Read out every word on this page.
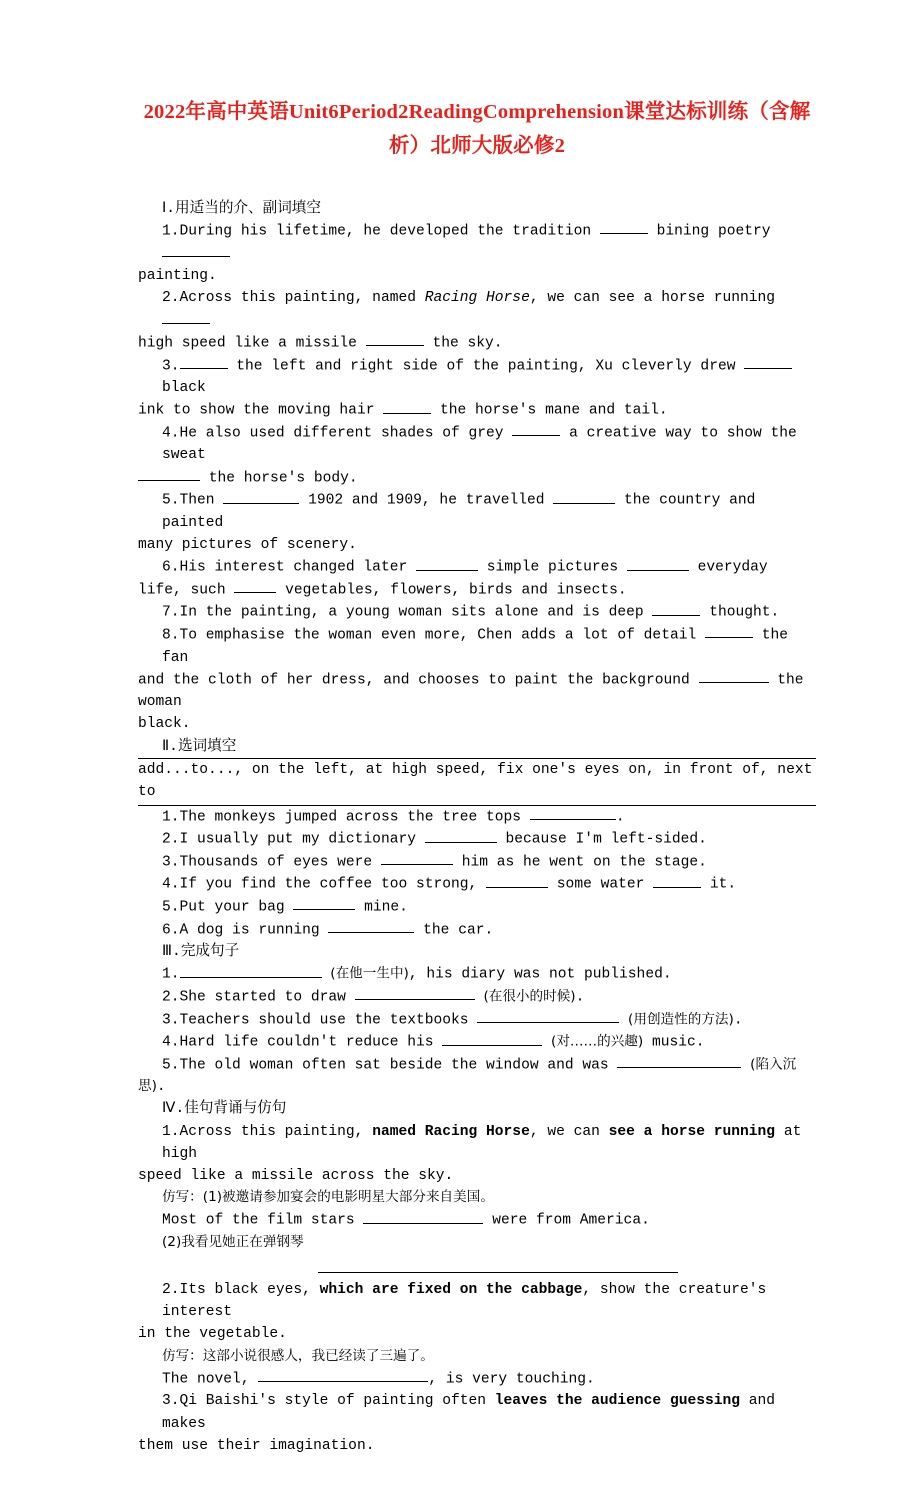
2022年高中英语Unit6Period2ReadingComprehension课堂达标训练（含解析）北师大版必修2
Ⅰ.用适当的介、副词填空
1.During his lifetime, he developed the tradition	bining poetry
painting.
2.Across this painting, named Racing Horse, we can see a horse running
high speed like a missile	the sky.
3.	the left and right side of the painting, Xu cleverly drew	black
ink to show the moving hair	the horse's mane and tail.
4.He also used different shades of grey	a creative way to show the sweat
the horse's body.
5.Then	1902 and 1909, he travelled	the country and painted
many pictures of scenery.
6.His interest changed later	simple pictures	everyday
life, such	vegetables, flowers, birds and insects.
7.In the painting, a young woman sits alone and is deep	thought.
8.To emphasise the woman even more, Chen adds a lot of detail	the fan
and the cloth of her dress, and chooses to paint the background	the woman
black.
Ⅱ.选词填空
add...to..., on the left, at high speed, fix one's eyes on, in front of, next to
1.The monkeys jumped across the tree tops	.
2.I usually put my dictionary	because I'm left-sided.
3.Thousands of eyes were	him as he went on the stage.
4.If you find the coffee too strong,	some water	it.
5.Put your bag	mine.
6.A dog is running	the car.
Ⅲ.完成句子
1.	(在他一生中), his diary was not published.
2.She started to draw	(在很小的时候).
3.Teachers should use the textbooks	(用创造性的方法).
4.Hard life couldn't reduce his	(对……的兴趣) music.
5.The old woman often sat beside the window and was	(陷入沉
思).
Ⅳ.佳句背诵与仿句
1.Across this painting, named Racing Horse, we can see a horse running at high
speed like a missile across the sky.
仿写：(1)被邀请参加宴会的电影明星大部分来自美国。
Most of the film stars	were from America.
(2)我看见她正在弹钢琴
2.Its black eyes, which are fixed on the cabbage, show the creature's interest
in the vegetable.
仿写：这部小说很感人，我已经读了三遍了。
The novel,	, is very touching.
3.Qi Baishi's style of painting often leaves the audience guessing and makes
them use their imagination.
